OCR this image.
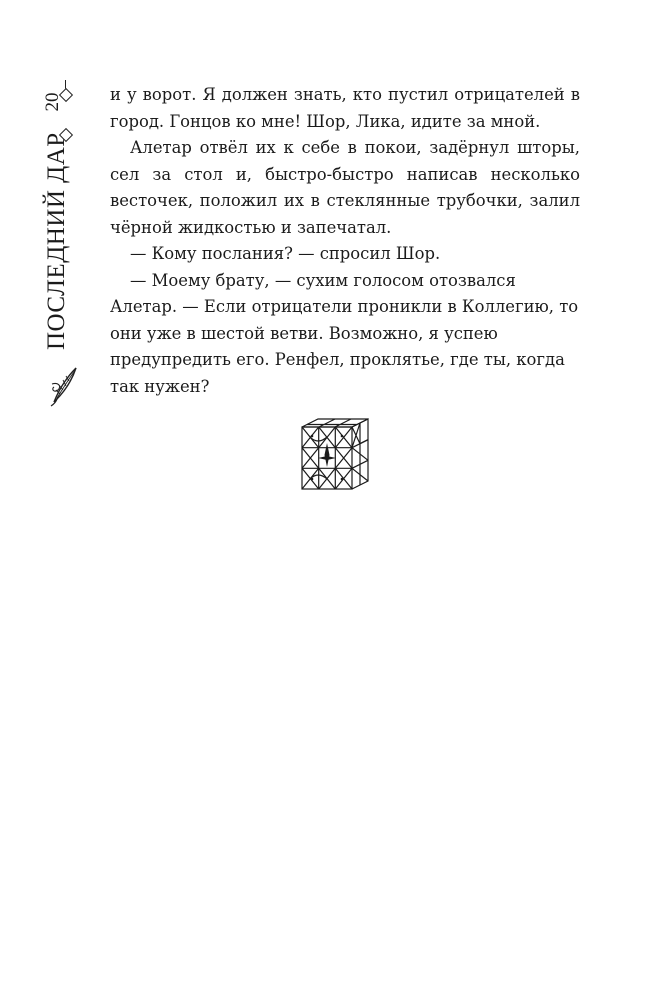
20
ПОСЛЕДНИЙ ДАР

и у ворот. Я должен знать, кто пустил отрицателей в город. Гонцов ко мне! Шор, Лика, идите за мной.

Алетар отвёл их к себе в покои, задёрнул шторы, сел за стол и, быстро-быстро написав несколько весточек, положил их в стеклянные трубочки, залил чёрной жидкостью и запечатал.

— Кому послания? — спросил Шор.

— Моему брату, — сухим голосом отозвался Алетар. — Если отрицатели проникли в Коллегию, то они уже в шестой ветви. Возможно, я успею предупредить его. Ренфел, проклятье, где ты, когда так нужен?
